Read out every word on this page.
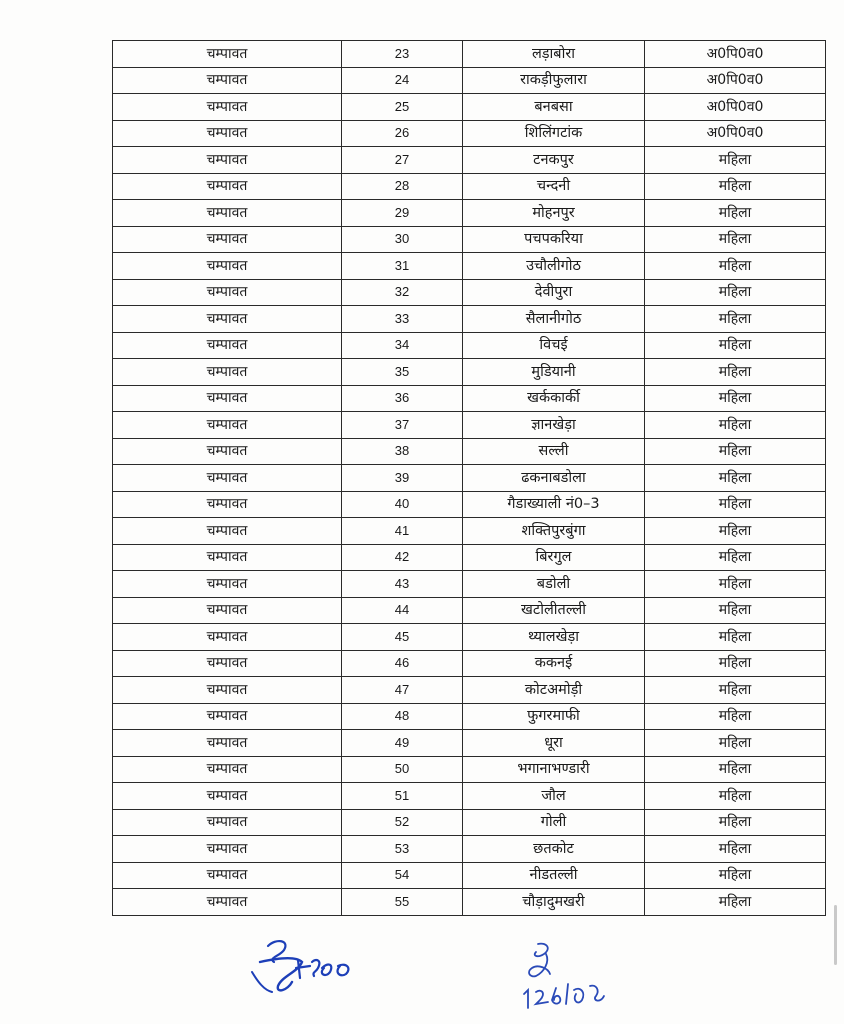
चम्पावत	23	लड़ाबोरा	अ0पि0व0
चम्पावत	24	राकड़ीफुलारा	अ0पि0व0
चम्पावत	25	बनबसा	अ0पि0व0
चम्पावत	26	शिलिंगटांक	अ0पि0व0
चम्पावत	27	टनकपुर	महिला
चम्पावत	28	चन्दनी	महिला
चम्पावत	29	मोहनपुर	महिला
चम्पावत	30	पचपकरिया	महिला
चम्पावत	31	उचौलीगोठ	महिला
चम्पावत	32	देवीपुरा	महिला
चम्पावत	33	सैलानीगोठ	महिला
चम्पावत	34	विचई	महिला
चम्पावत	35	मुडियानी	महिला
चम्पावत	36	खर्ककार्की	महिला
चम्पावत	37	ज्ञानखेड़ा	महिला
चम्पावत	38	सल्ली	महिला
चम्पावत	39	ढकनाबडोला	महिला
चम्पावत	40	गैडाख्याली नं0–3	महिला
चम्पावत	41	शक्तिपुरबुंगा	महिला
चम्पावत	42	बिरगुल	महिला
चम्पावत	43	बडोली	महिला
चम्पावत	44	खटोलीतल्ली	महिला
चम्पावत	45	थ्यालखेड़ा	महिला
चम्पावत	46	ककनई	महिला
चम्पावत	47	कोटअमोड़ी	महिला
चम्पावत	48	फुगरमाफी	महिला
चम्पावत	49	धूरा	महिला
चम्पावत	50	भगानाभण्डारी	महिला
चम्पावत	51	जौल	महिला
चम्पावत	52	गोली	महिला
चम्पावत	53	छतकोट	महिला
चम्पावत	54	नीडतल्ली	महिला
चम्पावत	55	चौड़ादुमखरी	महिला
